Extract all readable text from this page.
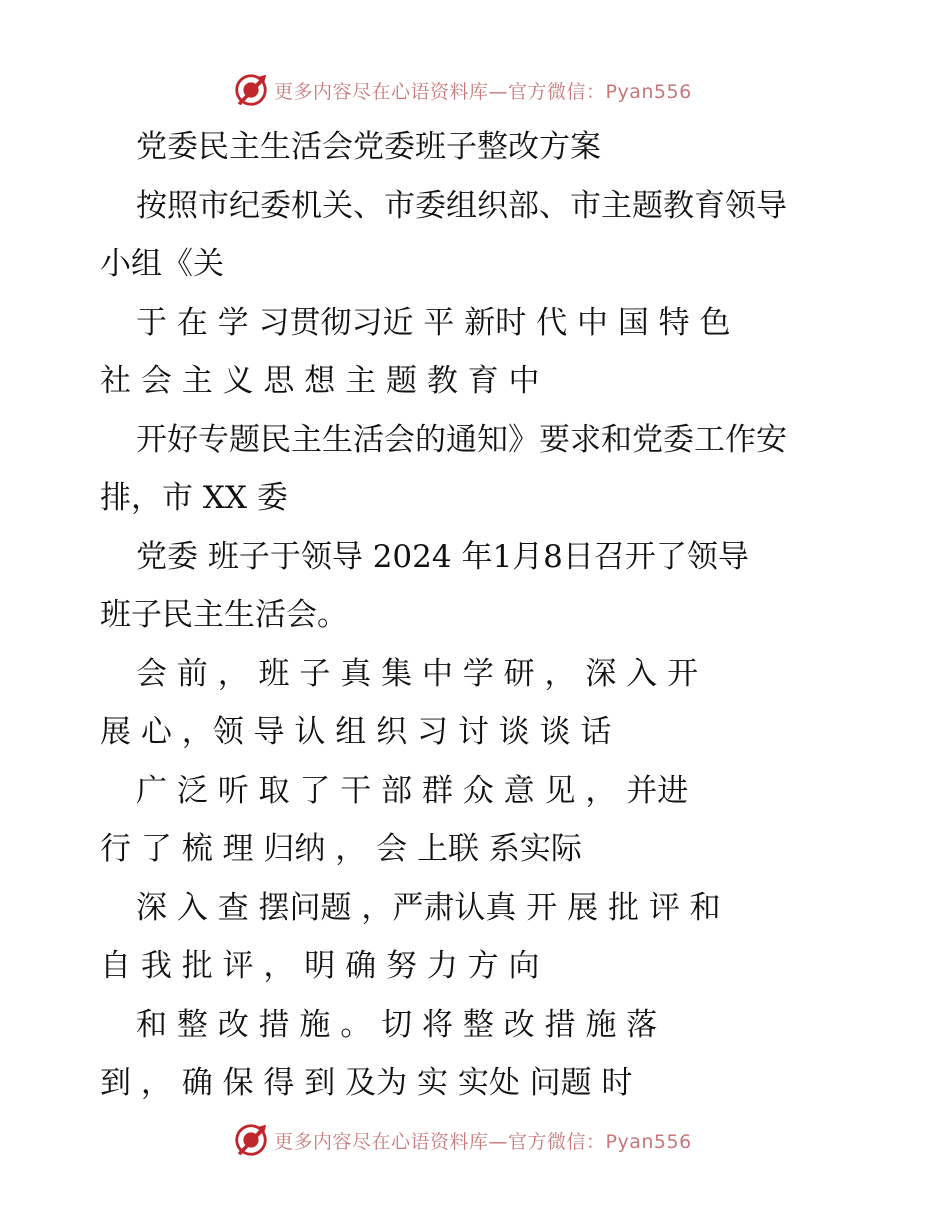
更多内容尽在心语资料库—官方微信：Pyan556
党委民主生活会党委班子整改方案
按照市纪委机关、市委组织部、市主题教育领导
小组《关
于 在 学 习贯彻习近 平 新时 代 中 国 特 色
社 会 主 义 思 想 主 题 教 育 中
开好专题民主生活会的通知》要求和党委工作安
排，市 XX 委
党委 班子于领导 2024 年1月8日召开了领导
班子民主生活会。
会 前 ， 班 子 真 集 中 学 研 ， 深 入 开
展 心 ，领 导 认 组 织 习 讨 谈 谈 话
广 泛 听 取 了 干 部 群 众 意 见 ， 并进
行 了 梳 理 归纳 ， 会 上联 系实际
深 入 查 摆问题 ，严肃认真 开 展 批 评 和
自 我 批 评 ， 明 确 努 力 方 向
和 整 改 措 施 。 切 将 整 改 措 施 落
到 ， 确 保 得 到 及为 实 实处 问题 时
更多内容尽在心语资料库—官方微信：Pyan556
